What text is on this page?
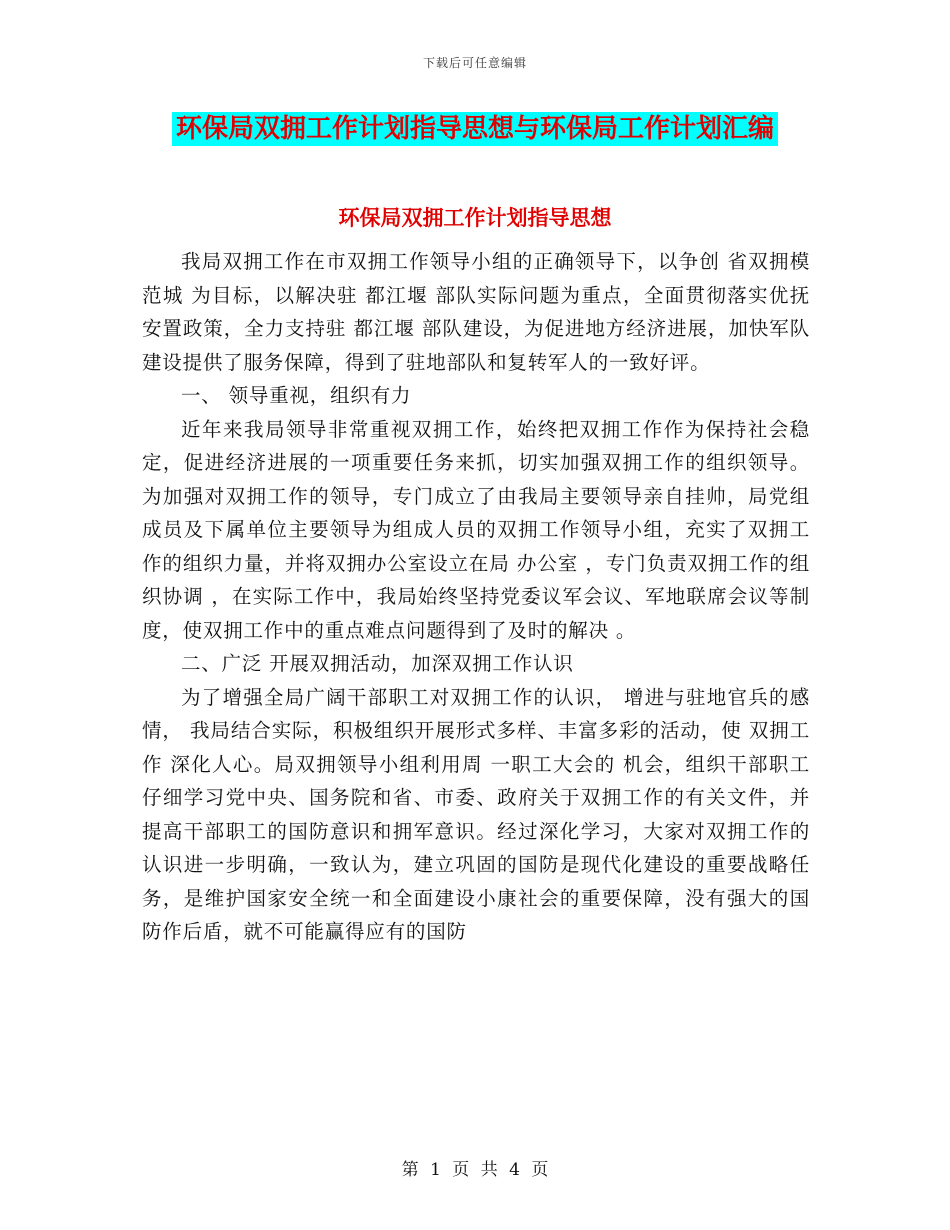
下载后可任意编辑
环保局双拥工作计划指导思想与环保局工作计划汇编
环保局双拥工作计划指导思想

我局双拥工作在市双拥工作领导小组的正确领导下，以争创 省双拥模范城 为目标，以解决驻 都江堰 部队实际问题为重点，全面贯彻落实优抚安置政策，全力支持驻 都江堰 部队建设，为促进地方经济进展，加快军队建设提供了服务保障，得到了驻地部队和复转军人的一致好评。

一、 领导重视，组织有力

近年来我局领导非常重视双拥工作，始终把双拥工作作为保持社会稳定，促进经济进展的一项重要任务来抓，切实加强双拥工作的组织领导。为加强对双拥工作的领导，专门成立了由我局主要领导亲自挂帅，局党组成员及下属单位主要领导为组成人员的双拥工作领导小组，充实了双拥工作的组织力量，并将双拥办公室设立在局 办公室 ，专门负责双拥工作的组织协调 ，在实际工作中，我局始终坚持党委议军会议、军地联席会议等制度，使双拥工作中的重点难点问题得到了及时的解决 。

二、广泛 开展双拥活动，加深双拥工作认识

为了增强全局广阔干部职工对双拥工作的认识， 增进与驻地官兵的感情， 我局结合实际，积极组织开展形式多样、丰富多彩的活动，使 双拥工作 深化人心。局双拥领导小组利用周 一职工大会的 机会，组织干部职工仔细学习党中央、国务院和省、市委、政府关于双拥工作的有关文件，并提高干部职工的国防意识和拥军意识。经过深化学习，大家对双拥工作的认识进一步明确，一致认为，建立巩固的国防是现代化建设的重要战略任务，是维护国家安全统一和全面建设小康社会的重要保障，没有强大的国防作后盾，就不可能赢得应有的国防

第 1 页 共 4 页
